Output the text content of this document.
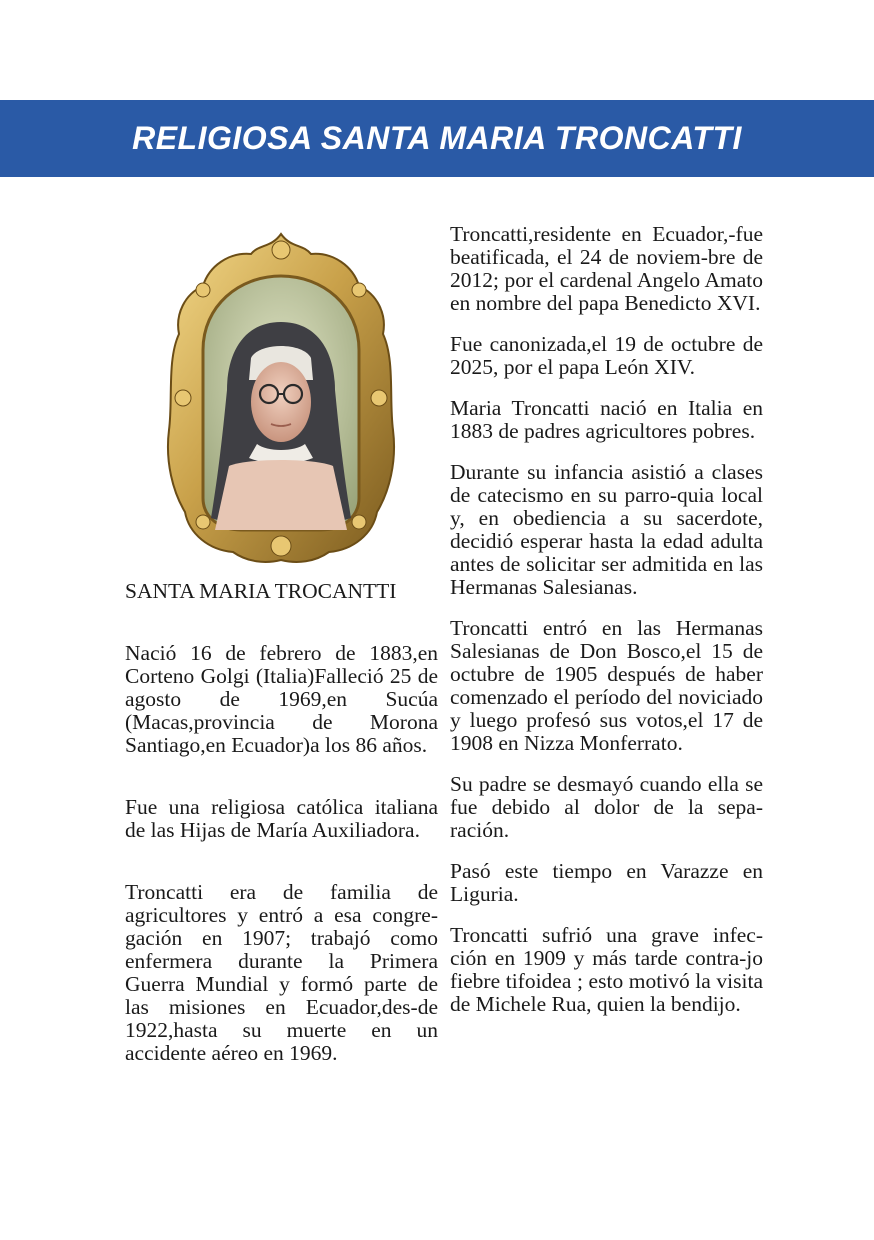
RELIGIOSA SANTA MARIA TRONCATTI

SANTA MARIA TROCANTTI

Nació 16 de febrero de 1883,en Corteno Golgi (Italia)Falleció 25 de agosto de 1969,en Sucúa (Macas,provincia de Morona Santiago,en Ecuador)a los 86 años.

Fue una religiosa católica italiana de las Hijas de María Auxiliadora.

Troncatti era de familia de agricultores y entró a esa congre-gación en 1907; trabajó como enfermera durante la Primera Guerra Mundial y formó parte de las misiones en Ecuador,des-de 1922,hasta su muerte en un accidente aéreo en 1969.

Troncatti,residente en Ecuador,-fue beatificada, el 24 de noviem-bre de 2012; por el cardenal Angelo Amato en nombre del papa Benedicto XVI.

Fue canonizada,el 19 de octubre de 2025, por el papa León XIV.

Maria Troncatti nació en Italia en 1883 de padres agricultores pobres.

Durante su infancia asistió a clases de catecismo en su parro-quia local y, en obediencia a su sacerdote, decidió esperar hasta la edad adulta antes de solicitar ser admitida en las Hermanas Salesianas.

Troncatti entró en las Hermanas Salesianas de Don Bosco,el 15 de octubre de 1905 después de haber comenzado el período del noviciado y luego profesó sus votos,el 17 de 1908 en Nizza Monferrato.

Su padre se desmayó cuando ella se fue debido al dolor de la sepa-ración.

Pasó este tiempo en Varazze en Liguria.

Troncatti sufrió una grave infec-ción en 1909 y más tarde contra-jo fiebre tifoidea ; esto motivó la visita de Michele Rua, quien la bendijo.
